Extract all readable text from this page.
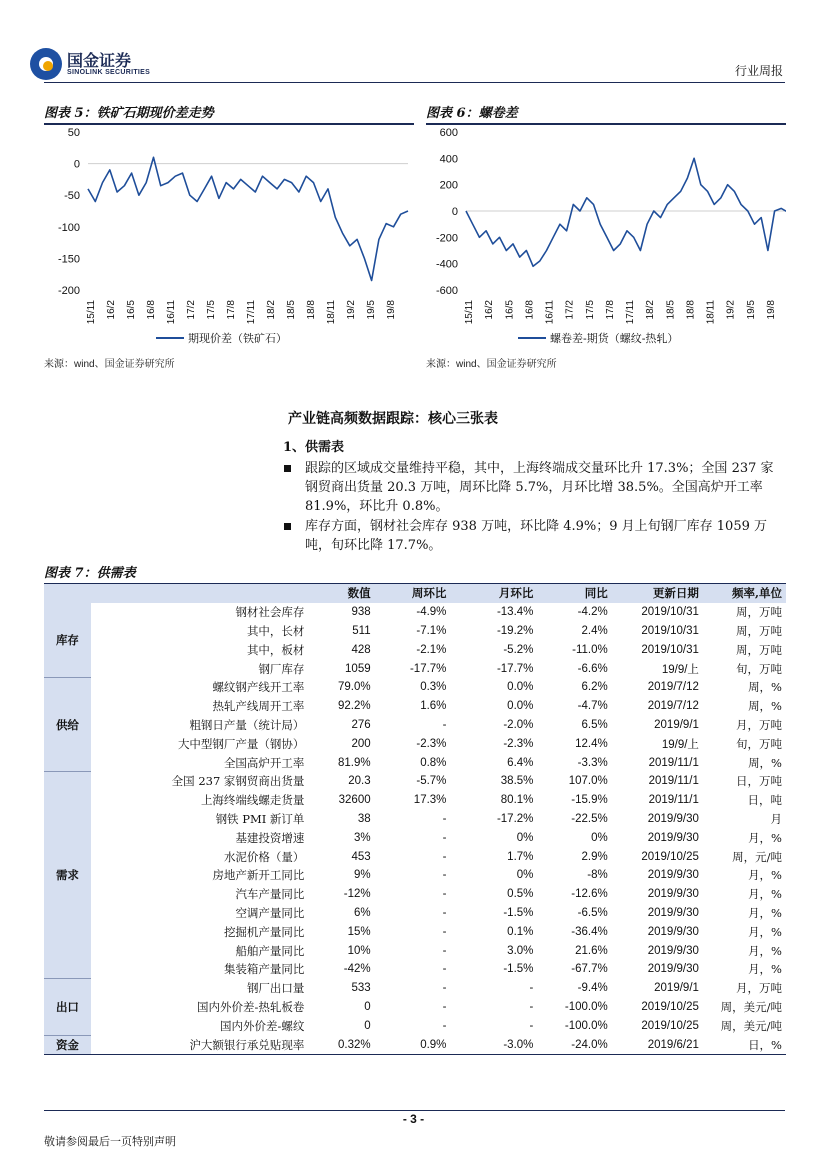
国金证券
SINOLINK SECURITIES	行业周报
图表 5：铁矿石期现价差走势
50
0
-50
-100
-150
-200
15/11 16/2 16/5 16/8 16/11 17/2 17/5 17/8 17/11 18/2 18/5 18/8 18/11 19/2 19/5 19/8
期现价差（铁矿石）
来源：wind、国金证券研究所
图表 6：螺卷差
600
400
200
0
-200
-400
-600
15/11 16/2 16/5 16/8 16/11 17/2 17/5 17/8 17/11 18/2 18/5 18/8 18/11 19/2 19/5 19/8
螺卷差-期货（螺纹-热轧）
来源：wind、国金证券研究所
产业链高频数据跟踪：核心三张表
1、供需表
跟踪的区域成交量维持平稳，其中，上海终端成交量环比升 17.3%；全国 237 家钢贸商出货量 20.3 万吨，周环比降 5.7%，月环比增 38.5%。全国高炉开工率 81.9%，环比升 0.8%。
库存方面，钢材社会库存 938 万吨，环比降 4.9%；9 月上旬钢厂库存 1059 万吨，旬环比降 17.7%。
图表 7：供需表
		数值	周环比	月环比	同比	更新日期	频率,单位
库存	钢材社会库存	938	-4.9%	-13.4%	-4.2%	2019/10/31	周，万吨
	其中，长材	511	-7.1%	-19.2%	2.4%	2019/10/31	周，万吨
	其中，板材	428	-2.1%	-5.2%	-11.0%	2019/10/31	周，万吨
	钢厂库存	1059	-17.7%	-17.7%	-6.6%	19/9/上	旬，万吨
供给	螺纹钢产线开工率	79.0%	0.3%	0.0%	6.2%	2019/7/12	周，%
	热轧产线周开工率	92.2%	1.6%	0.0%	-4.7%	2019/7/12	周，%
	粗钢日产量（统计局）	276	-	-2.0%	6.5%	2019/9/1	月，万吨
	大中型钢厂产量（钢协）	200	-2.3%	-2.3%	12.4%	19/9/上	旬，万吨
	全国高炉开工率	81.9%	0.8%	6.4%	-3.3%	2019/11/1	周，%
需求	全国 237 家钢贸商出货量	20.3	-5.7%	38.5%	107.0%	2019/11/1	日，万吨
	上海终端线螺走货量	32600	17.3%	80.1%	-15.9%	2019/11/1	日，吨
	钢铁 PMI 新订单	38	-	-17.2%	-22.5%	2019/9/30	月
	基建投资增速	3%	-	0%	0%	2019/9/30	月，%
	水泥价格（量）	453	-	1.7%	2.9%	2019/10/25	周，元/吨
	房地产新开工同比	9%	-	0%	-8%	2019/9/30	月，%
	汽车产量同比	-12%	-	0.5%	-12.6%	2019/9/30	月，%
	空调产量同比	6%	-	-1.5%	-6.5%	2019/9/30	月，%
	挖掘机产量同比	15%	-	0.1%	-36.4%	2019/9/30	月，%
	船舶产量同比	10%	-	3.0%	21.6%	2019/9/30	月，%
	集装箱产量同比	-42%	-	-1.5%	-67.7%	2019/9/30	月，%
出口	钢厂出口量	533	-	-	-9.4%	2019/9/1	月，万吨
	国内外价差-热轧板卷	0	-	-	-100.0%	2019/10/25	周，美元/吨
	国内外价差-螺纹	0	-	-	-100.0%	2019/10/25	周，美元/吨
资金	沪大额银行承兑贴现率	0.32%	0.9%	-3.0%	-24.0%	2019/6/21	日，%
- 3 -
敬请参阅最后一页特别声明
